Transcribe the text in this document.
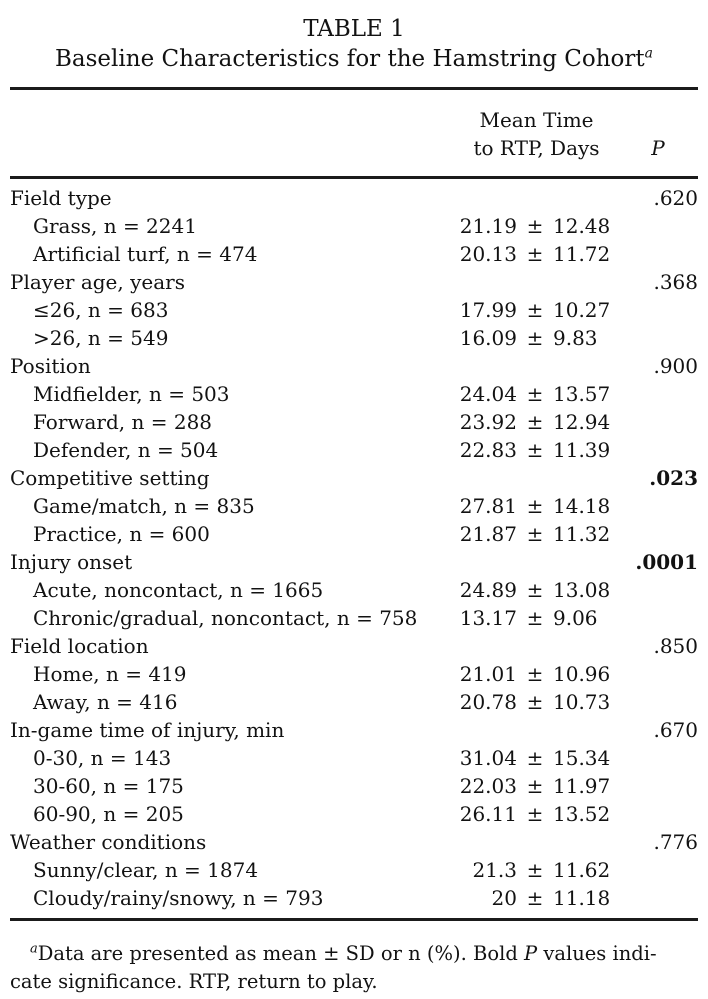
TABLE 1
Baseline Characteristics for the Hamstring Cohort$^a$
Mean Time
to RTP, Days	P
Field type	.620
Grass, n = 2241	21.19 ± 12.48
Artificial turf, n = 474	20.13 ± 11.72
Player age, years	.368
≤26, n = 683	17.99 ± 10.27
>26, n = 549	16.09 ± 9.83
Position	.900
Midfielder, n = 503	24.04 ± 13.57
Forward, n = 288	23.92 ± 12.94
Defender, n = 504	22.83 ± 11.39
Competitive setting	.023
Game/match, n = 835	27.81 ± 14.18
Practice, n = 600	21.87 ± 11.32
Injury onset	.0001
Acute, noncontact, n = 1665	24.89 ± 13.08
Chronic/gradual, noncontact, n = 758	13.17 ± 9.06
Field location	.850
Home, n = 419	21.01 ± 10.96
Away, n = 416	20.78 ± 10.73
In-game time of injury, min	.670
0-30, n = 143	31.04 ± 15.34
30-60, n = 175	22.03 ± 11.97
60-90, n = 205	26.11 ± 13.52
Weather conditions	.776
Sunny/clear, n = 1874	21.3 ± 11.62
Cloudy/rainy/snowy, n = 793	20 ± 11.18
$^a$Data are presented as mean ± SD or n (%). Bold P values indi-
cate significance. RTP, return to play.
